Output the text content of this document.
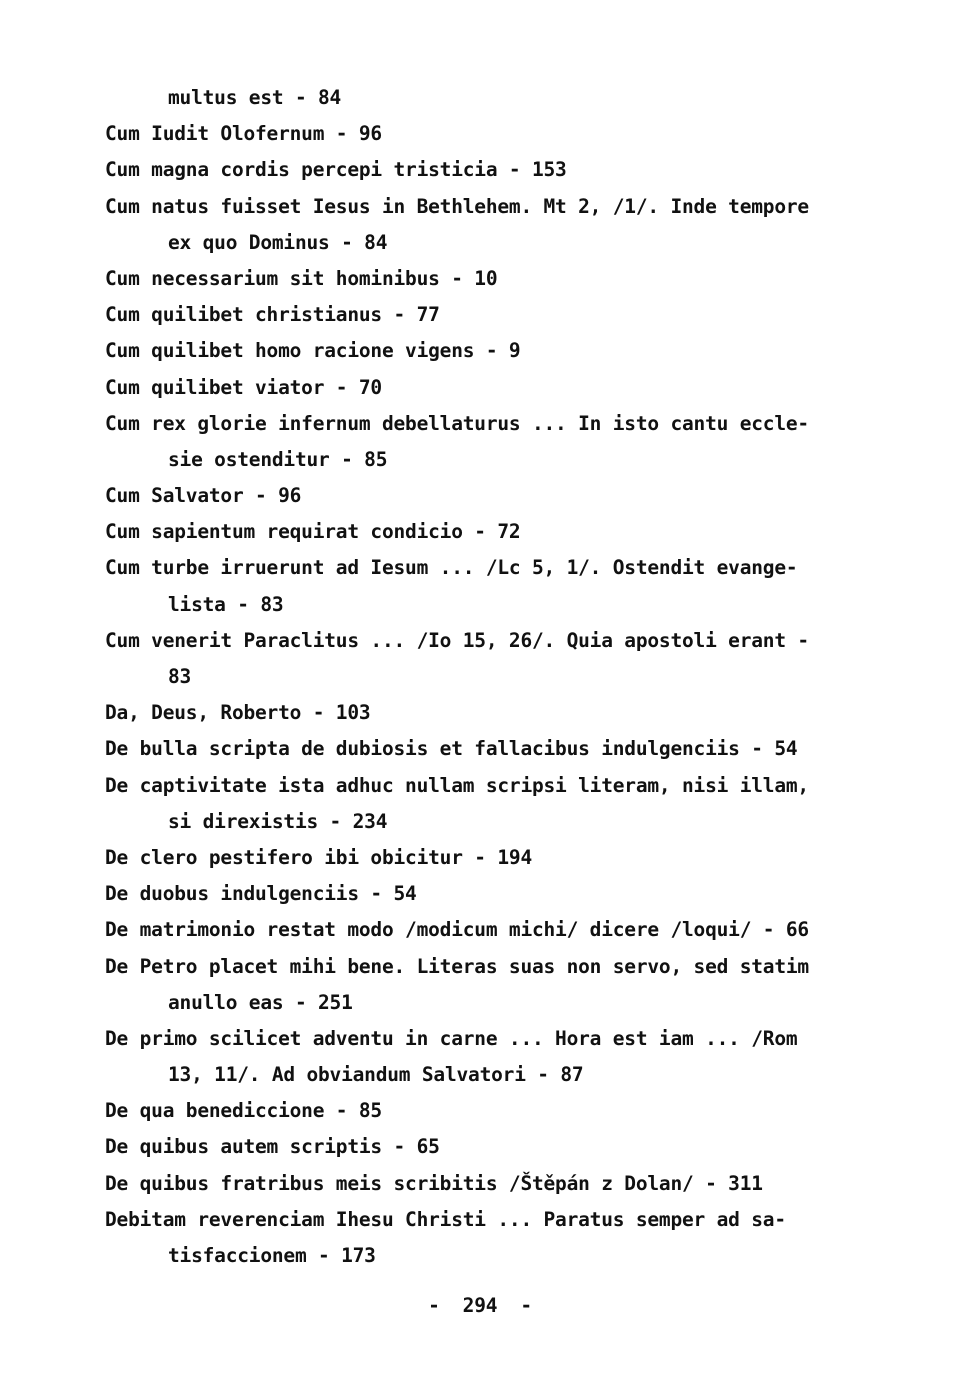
multus est - 84
Cum Iudit Olofernum - 96
Cum magna cordis percepi tristicia - 153
Cum natus fuisset Iesus in Bethlehem. Mt 2, /1/. Inde tempore
ex quo Dominus - 84
Cum necessarium sit hominibus - 10
Cum quilibet christianus - 77
Cum quilibet homo racione vigens - 9
Cum quilibet viator - 70
Cum rex glorie infernum debellaturus ... In isto cantu eccle-
sie ostenditur - 85
Cum Salvator - 96
Cum sapientum requirat condicio - 72
Cum turbe irruerunt ad Iesum ... /Lc 5, 1/. Ostendit evange-
lista - 83
Cum venerit Paraclitus ... /Io 15, 26/. Quia apostoli erant -
83
Da, Deus, Roberto - 103
De bulla scripta de dubiosis et fallacibus indulgenciis - 54
De captivitate ista adhuc nullam scripsi literam, nisi illam,
si direxistis - 234
De clero pestifero ibi obicitur - 194
De duobus indulgenciis - 54
De matrimonio restat modo /modicum michi/ dicere /loqui/ - 66
De Petro placet mihi bene. Literas suas non servo, sed statim
anullo eas - 251
De primo scilicet adventu in carne ... Hora est iam ... /Rom
13, 11/. Ad obviandum Salvatori - 87
De qua benediccione - 85
De quibus autem scriptis - 65
De quibus fratribus meis scribitis /Štěpán z Dolan/ - 311
Debitam reverenciam Ihesu Christi ... Paratus semper ad sa-
tisfaccionem - 173
-  294  -
